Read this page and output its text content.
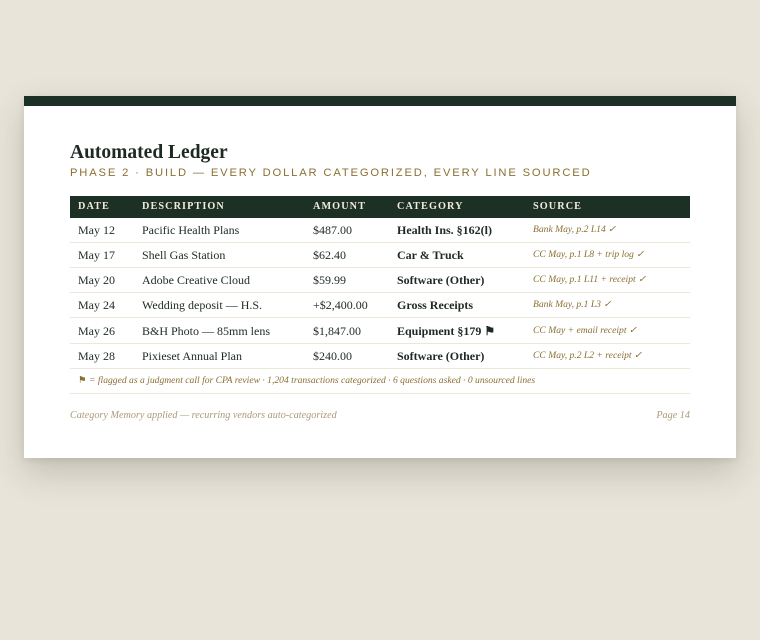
Automated Ledger
PHASE 2 · BUILD — EVERY DOLLAR CATEGORIZED, EVERY LINE SOURCED
DATE	DESCRIPTION	AMOUNT	CATEGORY	SOURCE
May 12	Pacific Health Plans	$487.00	Health Ins. §162(l)	Bank May, p.2 L14 ✓
May 17	Shell Gas Station	$62.40	Car & Truck	CC May, p.1 L8 + trip log ✓
May 20	Adobe Creative Cloud	$59.99	Software (Other)	CC May, p.1 L11 + receipt ✓
May 24	Wedding deposit — H.S.	+$2,400.00	Gross Receipts	Bank May, p.1 L3 ✓
May 26	B&H Photo — 85mm lens	$1,847.00	Equipment §179 ⚑	CC May + email receipt ✓
May 28	Pixieset Annual Plan	$240.00	Software (Other)	CC May, p.2 L2 + receipt ✓
⚑ = flagged as a judgment call for CPA review · 1,204 transactions categorized · 6 questions asked · 0 unsourced lines				
Category Memory applied — recurring vendors auto-categorized	Page 14
